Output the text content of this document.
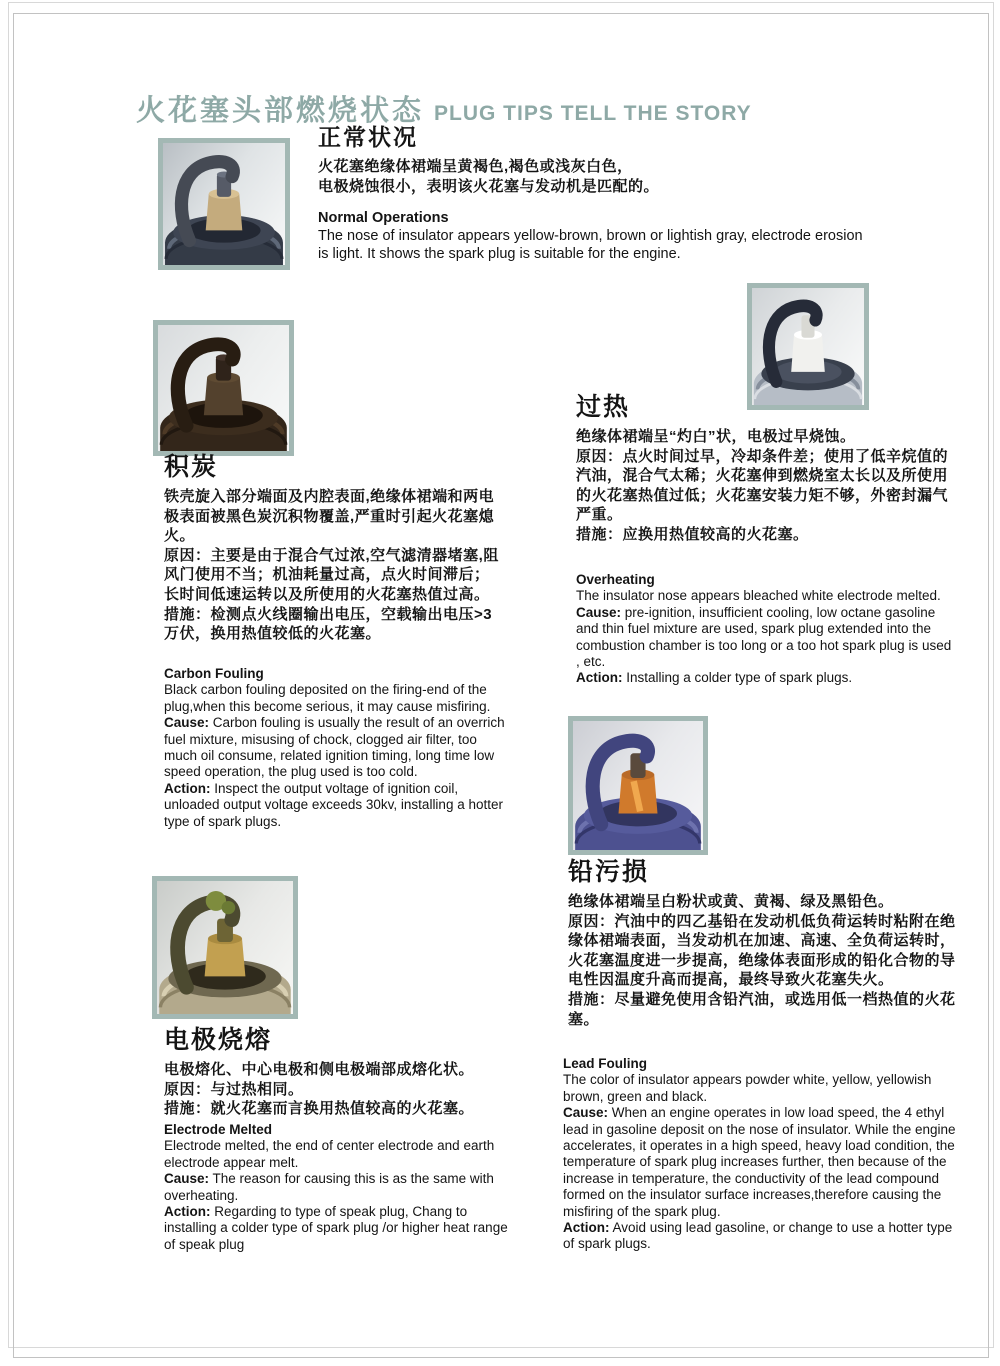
火花塞头部燃烧状态 PLUG TIPS TELL THE STORY
正常状况

火花塞绝缘体裙端呈黄褐色,褐色或浅灰白色，

电极烧蚀很小，表明该火花塞与发动机是匹配的。

Normal Operations

The nose of insulator appears yellow-brown, brown or lightish gray, electrode erosion is light. It shows the spark plug is suitable for the engine.

积炭

铁壳旋入部分端面及内腔表面,绝缘体裙端和两电极表面被黑色炭沉积物覆盖,严重时引起火花塞熄火。

原因：主要是由于混合气过浓,空气滤清器堵塞,阻风门使用不当；机油耗量过高，点火时间滞后；长时间低速运转以及所使用的火花塞热值过高。措施：检测点火线圈输出电压，空载输出电压>3万伏，换用热值较低的火花塞。

Carbon Fouling

Black carbon fouling deposited on the firing-end of the plug,when this become serious, it may cause misfiring.

Cause: Carbon fouling is usually the result of an overrich fuel mixture, misusing of chock, clogged air filter, too much oil consume, related ignition timing, long time low speed operation, the plug used is too cold.

Action: Inspect the output voltage of ignition coil, unloaded output voltage exceeds 30kv, installing a hotter type of spark plugs.

过热

绝缘体裙端呈“灼白”状，电极过早烧蚀。

原因：点火时间过早，冷却条件差；使用了低辛烷值的汽油，混合气太稀；火花塞伸到燃烧室太长以及所使用的火花塞热值过低；火花塞安装力矩不够，外密封漏气严重。

措施：应换用热值较高的火花塞。

Overheating

The insulator nose appears bleached white electrode melted.

Cause: pre-ignition, insufficient cooling, low octane gasoline and thin fuel mixture are used, spark plug extended into the combustion chamber is too long or a too hot spark plug is used , etc.

Action: Installing a colder type of spark plugs.

铅污损

绝缘体裙端呈白粉状或黄、黄褐、绿及黑铅色。

原因：汽油中的四乙基铅在发动机低负荷运转时粘附在绝缘体裙端表面，当发动机在加速、高速、全负荷运转时，火花塞温度进一步提高，绝缘体表面形成的铅化合物的导电性因温度升高而提高，最终导致火花塞失火。

措施：尽量避免使用含铅汽油，或选用低一档热值的火花塞。

Lead Fouling

The color of insulator appears powder white, yellow, yellowish brown, green and black.

Cause: When an engine operates in low load speed, the 4 ethyl lead in gasoline deposit on the nose of insulator. While the engine accelerates, it operates in a high speed, heavy load condition, the temperature of spark plug increases further, then because of the increase in temperature, the conductivity of the lead compound formed on the insulator surface increases,therefore causing the misfiring of the spark plug.

Action: Avoid using lead gasoline, or change to use a hotter type of spark plugs.

电极烧熔

电极熔化、中心电极和侧电极端部成熔化状。

原因：与过热相同。

措施：就火花塞而言换用热值较高的火花塞。

Electrode Melted

Electrode melted, the end of center electrode and earth electrode appear melt.

Cause: The reason for causing this is as the same with overheating.

Action: Regarding to type of speak plug, Chang to installing a colder type of spark plug /or higher heat range of speak plug
